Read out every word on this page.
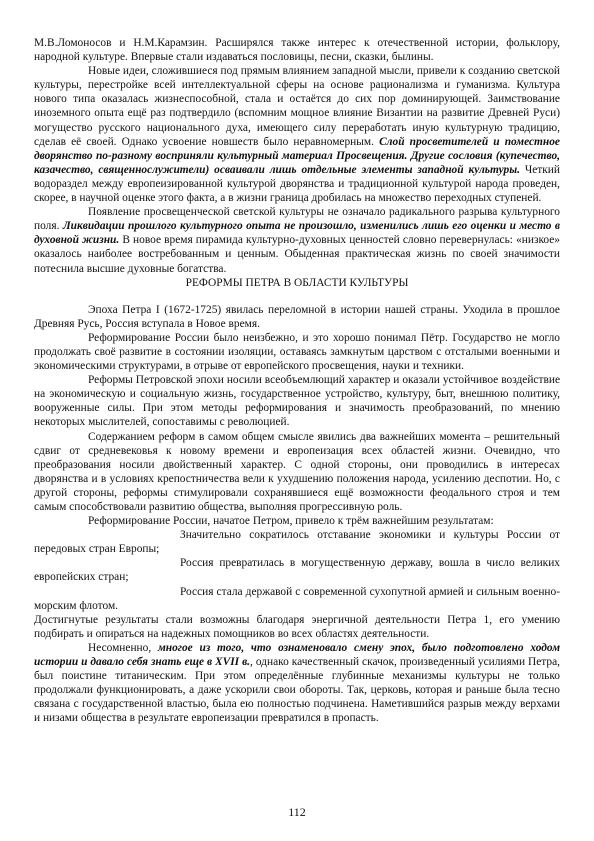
М.В.Ломоносов и Н.М.Карамзин. Расширялся также интерес к отечественной истории, фольклору, народной культуре. Впервые стали издаваться пословицы, песни, сказки, былины.

Новые идеи, сложившиеся под прямым влиянием западной мысли, привели к созданию светской культуры, перестройке всей интеллектуальной сферы на основе рационализма и гуманизма. Культура нового типа оказалась жизнеспособной, стала и остаётся до сих пор доминирующей. Заимствование иноземного опыта ещё раз подтвердило (вспомним мощное влияние Византии на развитие Древней Руси) могущество русского национального духа, имеющего силу переработать иную культурную традицию, сделав её своей. Однако усвоение новшеств было неравномерным. Слой просветителей и поместное дворянство по-разному восприняли культурный материал Просвещения. Другие сословия (купечество, казачество, священнослужители) осваивали лишь отдельные элементы западной культуры. Четкий водораздел между европеизированной культурой дворянства и традиционной культурой народа проведен, скорее, в научной оценке этого факта, а в жизни граница дробилась на множество переходных ступеней.

Появление просвещенческой светской культуры не означало радикального разрыва культурного поля. Ликвидации прошлого культурного опыта не произошло, изменились лишь его оценки и место в духовной жизни. В новое время пирамида культурно-духовных ценностей словно перевернулась: «низкое» оказалось наиболее востребованным и ценным. Обыденная практическая жизнь по своей значимости потеснила высшие духовные богатства.

РЕФОРМЫ ПЕТРА В ОБЛАСТИ КУЛЬТУРЫ

Эпоха Петра I (1672-1725) явилась переломной в истории нашей страны. Уходила в прошлое Древняя Русь, Россия вступала в Новое время.

Реформирование России было неизбежно, и это хорошо понимал Пётр. Государство не могло продолжать своё развитие в состоянии изоляции, оставаясь замкнутым царством с отсталыми военными и экономическими структурами, в отрыве от европейского просвещения, науки и техники.

Реформы Петровской эпохи носили всеобъемлющий характер и оказали устойчивое воздействие на экономическую и социальную жизнь, государственное устройство, культуру, быт, внешнюю политику, вооруженные силы. При этом методы реформирования и значимость преобразований, по мнению некоторых мыслителей, сопоставимы с революцией.

Содержанием реформ в самом общем смысле явились два важнейших момента – решительный сдвиг от средневековья к новому времени и европеизация всех областей жизни. Очевидно, что преобразования носили двойственный характер. С одной стороны, они проводились в интересах дворянства и в условиях крепостничества вели к ухудшению положения народа, усилению деспотии. Но, с другой стороны, реформы стимулировали сохранявшиеся ещё возможности феодального строя и тем самым способствовали развитию общества, выполняя прогрессивную роль.

Реформирование России, начатое Петром, привело к трём важнейшим результатам:

Значительно сократилось отставание экономики и культуры России от передовых стран Европы;

Россия превратилась в могущественную державу, вошла в число великих европейских стран;

Россия стала державой с современной сухопутной армией и сильным военно-морским флотом.

Достигнутые результаты стали возможны благодаря энергичной деятельности Петра 1, его умению подбирать и опираться на надежных помощников во всех областях деятельности.

Несомненно, многое из того, что ознаменовало смену эпох, было подготовлено ходом истории и давало себя знать еще в XVII в., однако качественный скачок, произведенный усилиями Петра, был поистине титаническим. При этом определённые глубинные механизмы культуры не только продолжали функционировать, а даже ускорили свои обороты. Так, церковь, которая и раньше была тесно связана с государственной властью, была ею полностью подчинена. Наметившийся разрыв между верхами и низами общества в результате европеизации превратился в пропасть.

112
